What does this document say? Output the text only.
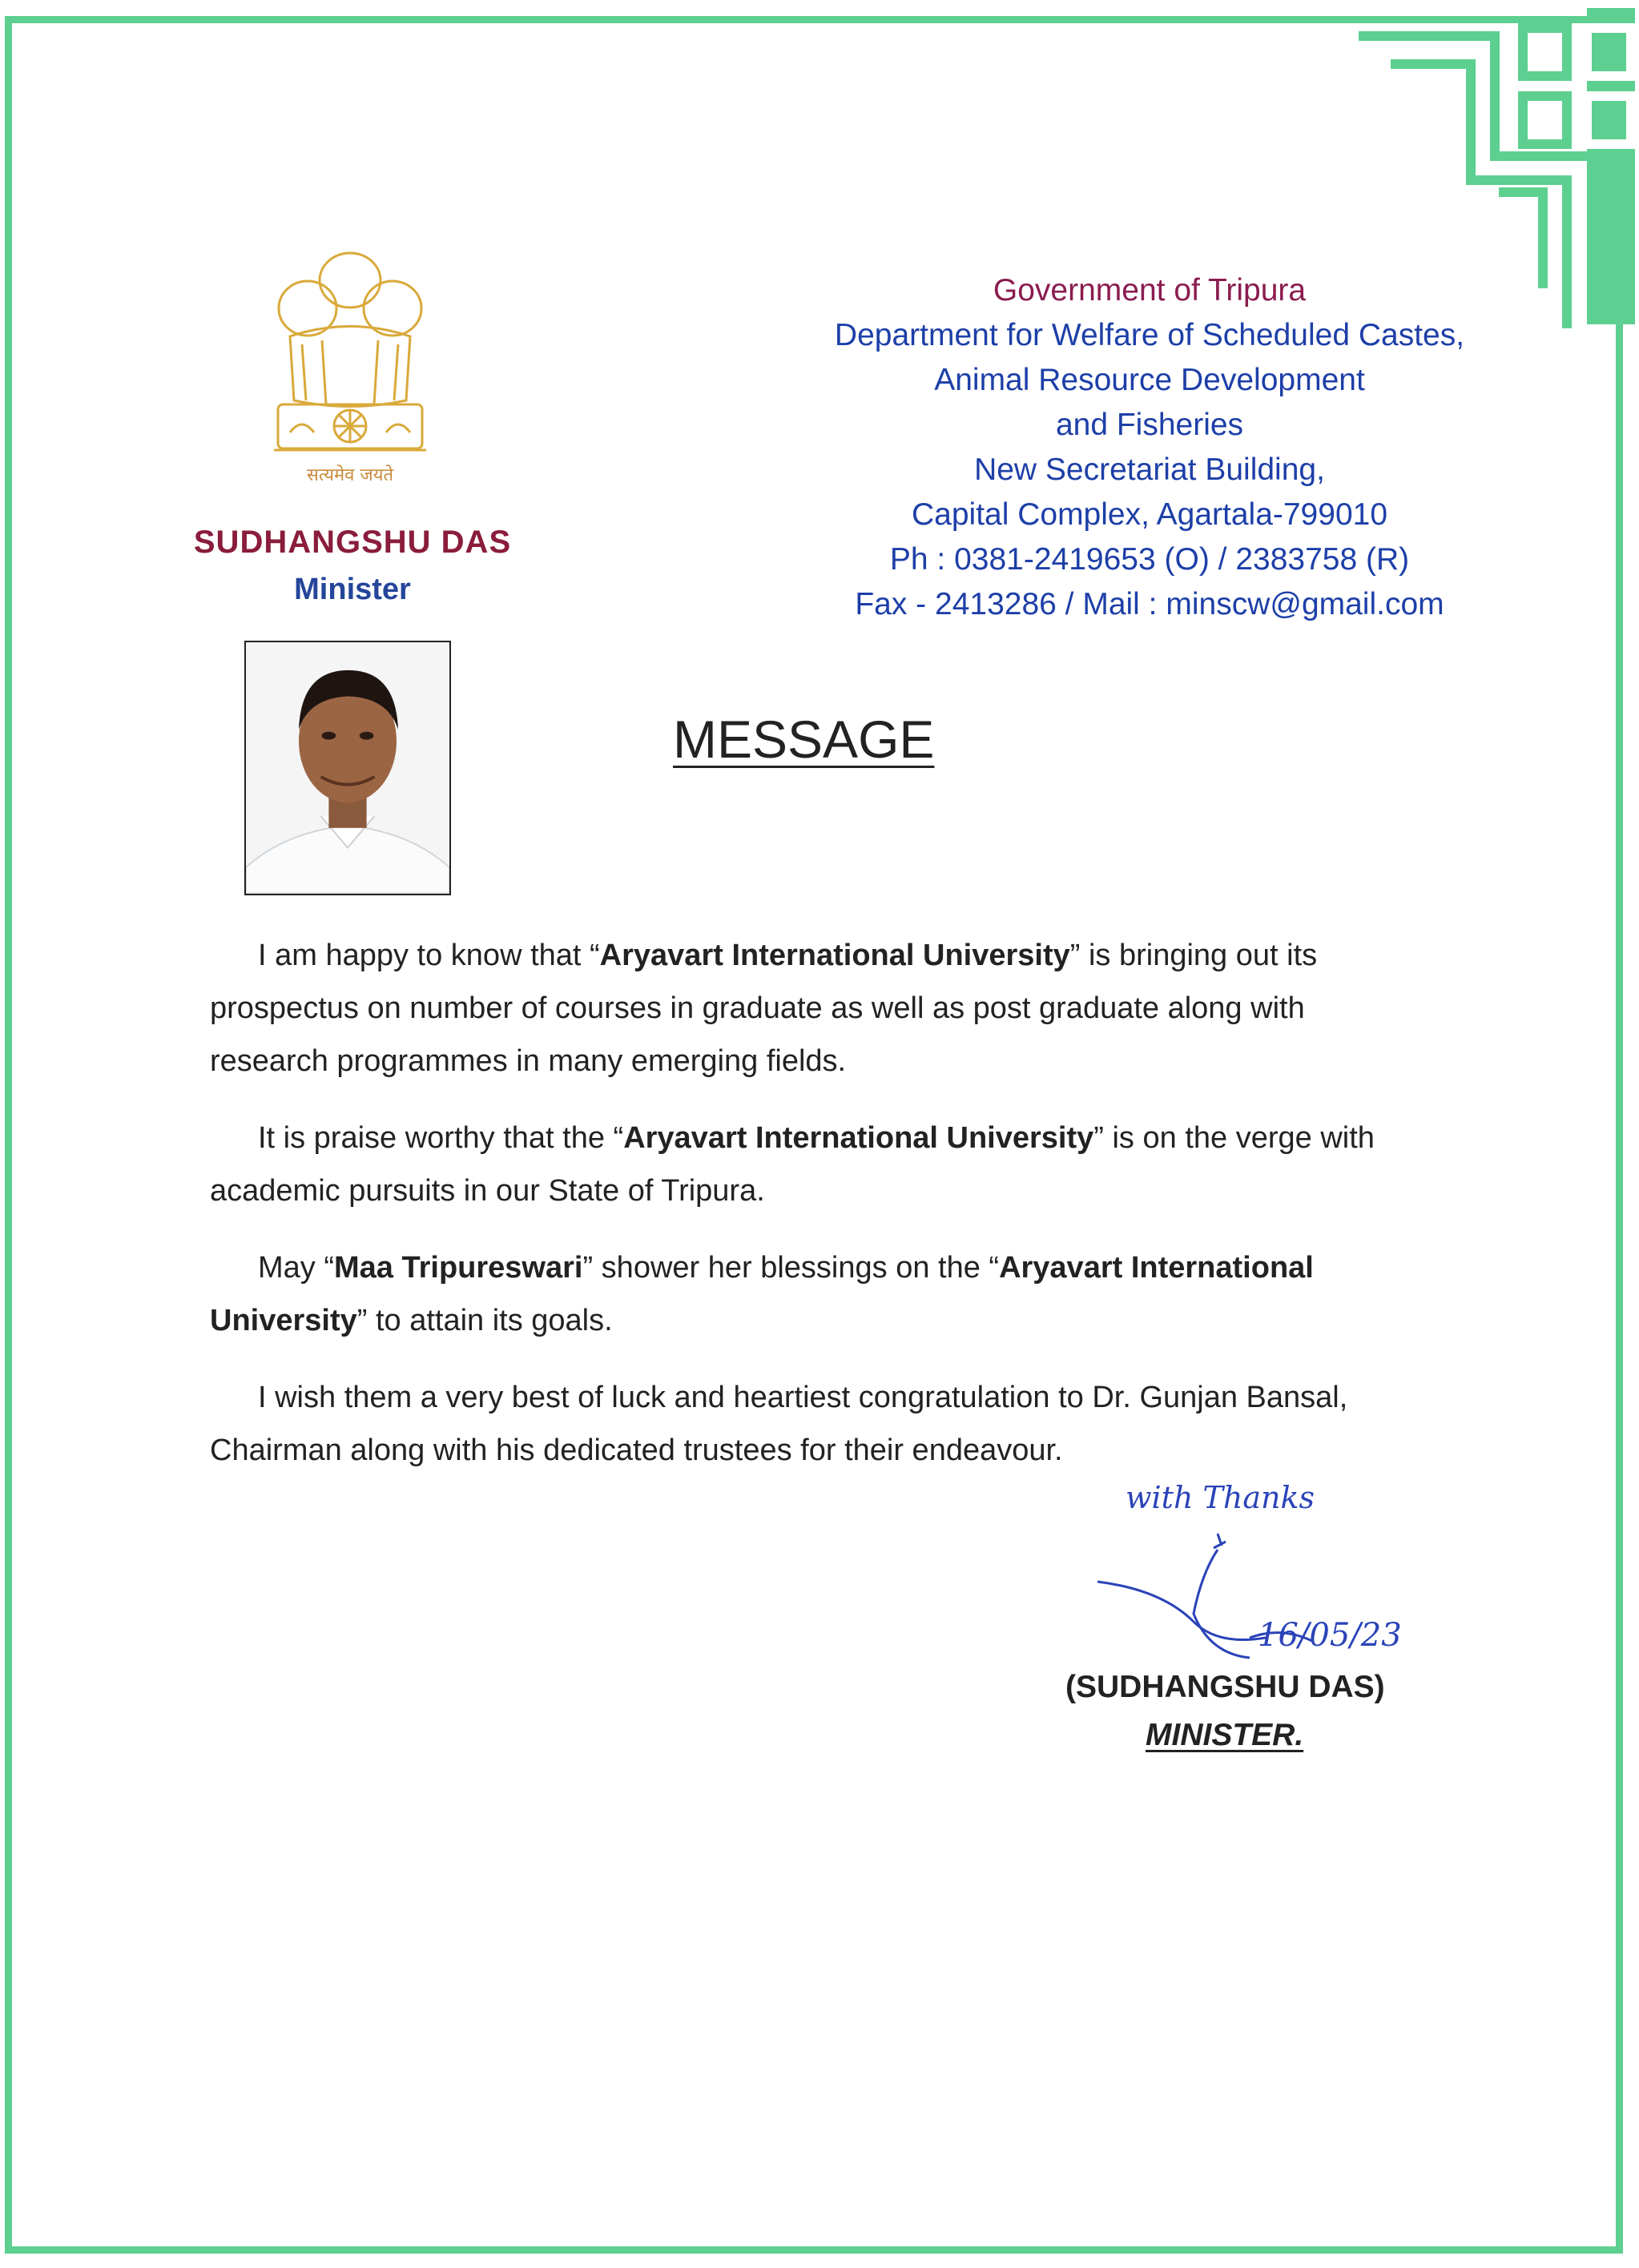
सत्यमेव जयते
SUDHANGSHU DAS
Minister
Government of Tripura
Department for Welfare of Scheduled Castes,
Animal Resource Development
and Fisheries
New Secretariat Building,
Capital Complex, Agartala-799010
Ph : 0381-2419653 (O) / 2383758 (R)
Fax - 2413286 / Mail : minscw@gmail.com
MESSAGE

I am happy to know that “Aryavart International University” is bringing out its prospectus on number of courses in graduate as well as post graduate along with research programmes in many emerging fields.

It is praise worthy that the “Aryavart International University” is on the verge with academic pursuits in our State of Tripura.

May “Maa Tripureswari” shower her blessings on the “Aryavart International University” to attain its goals.

I wish them a very best of luck and heartiest congratulation to Dr. Gunjan Bansal, Chairman along with his dedicated trustees for their endeavour.

with Thanks
16/05/23
(SUDHANGSHU DAS)
MINISTER.
